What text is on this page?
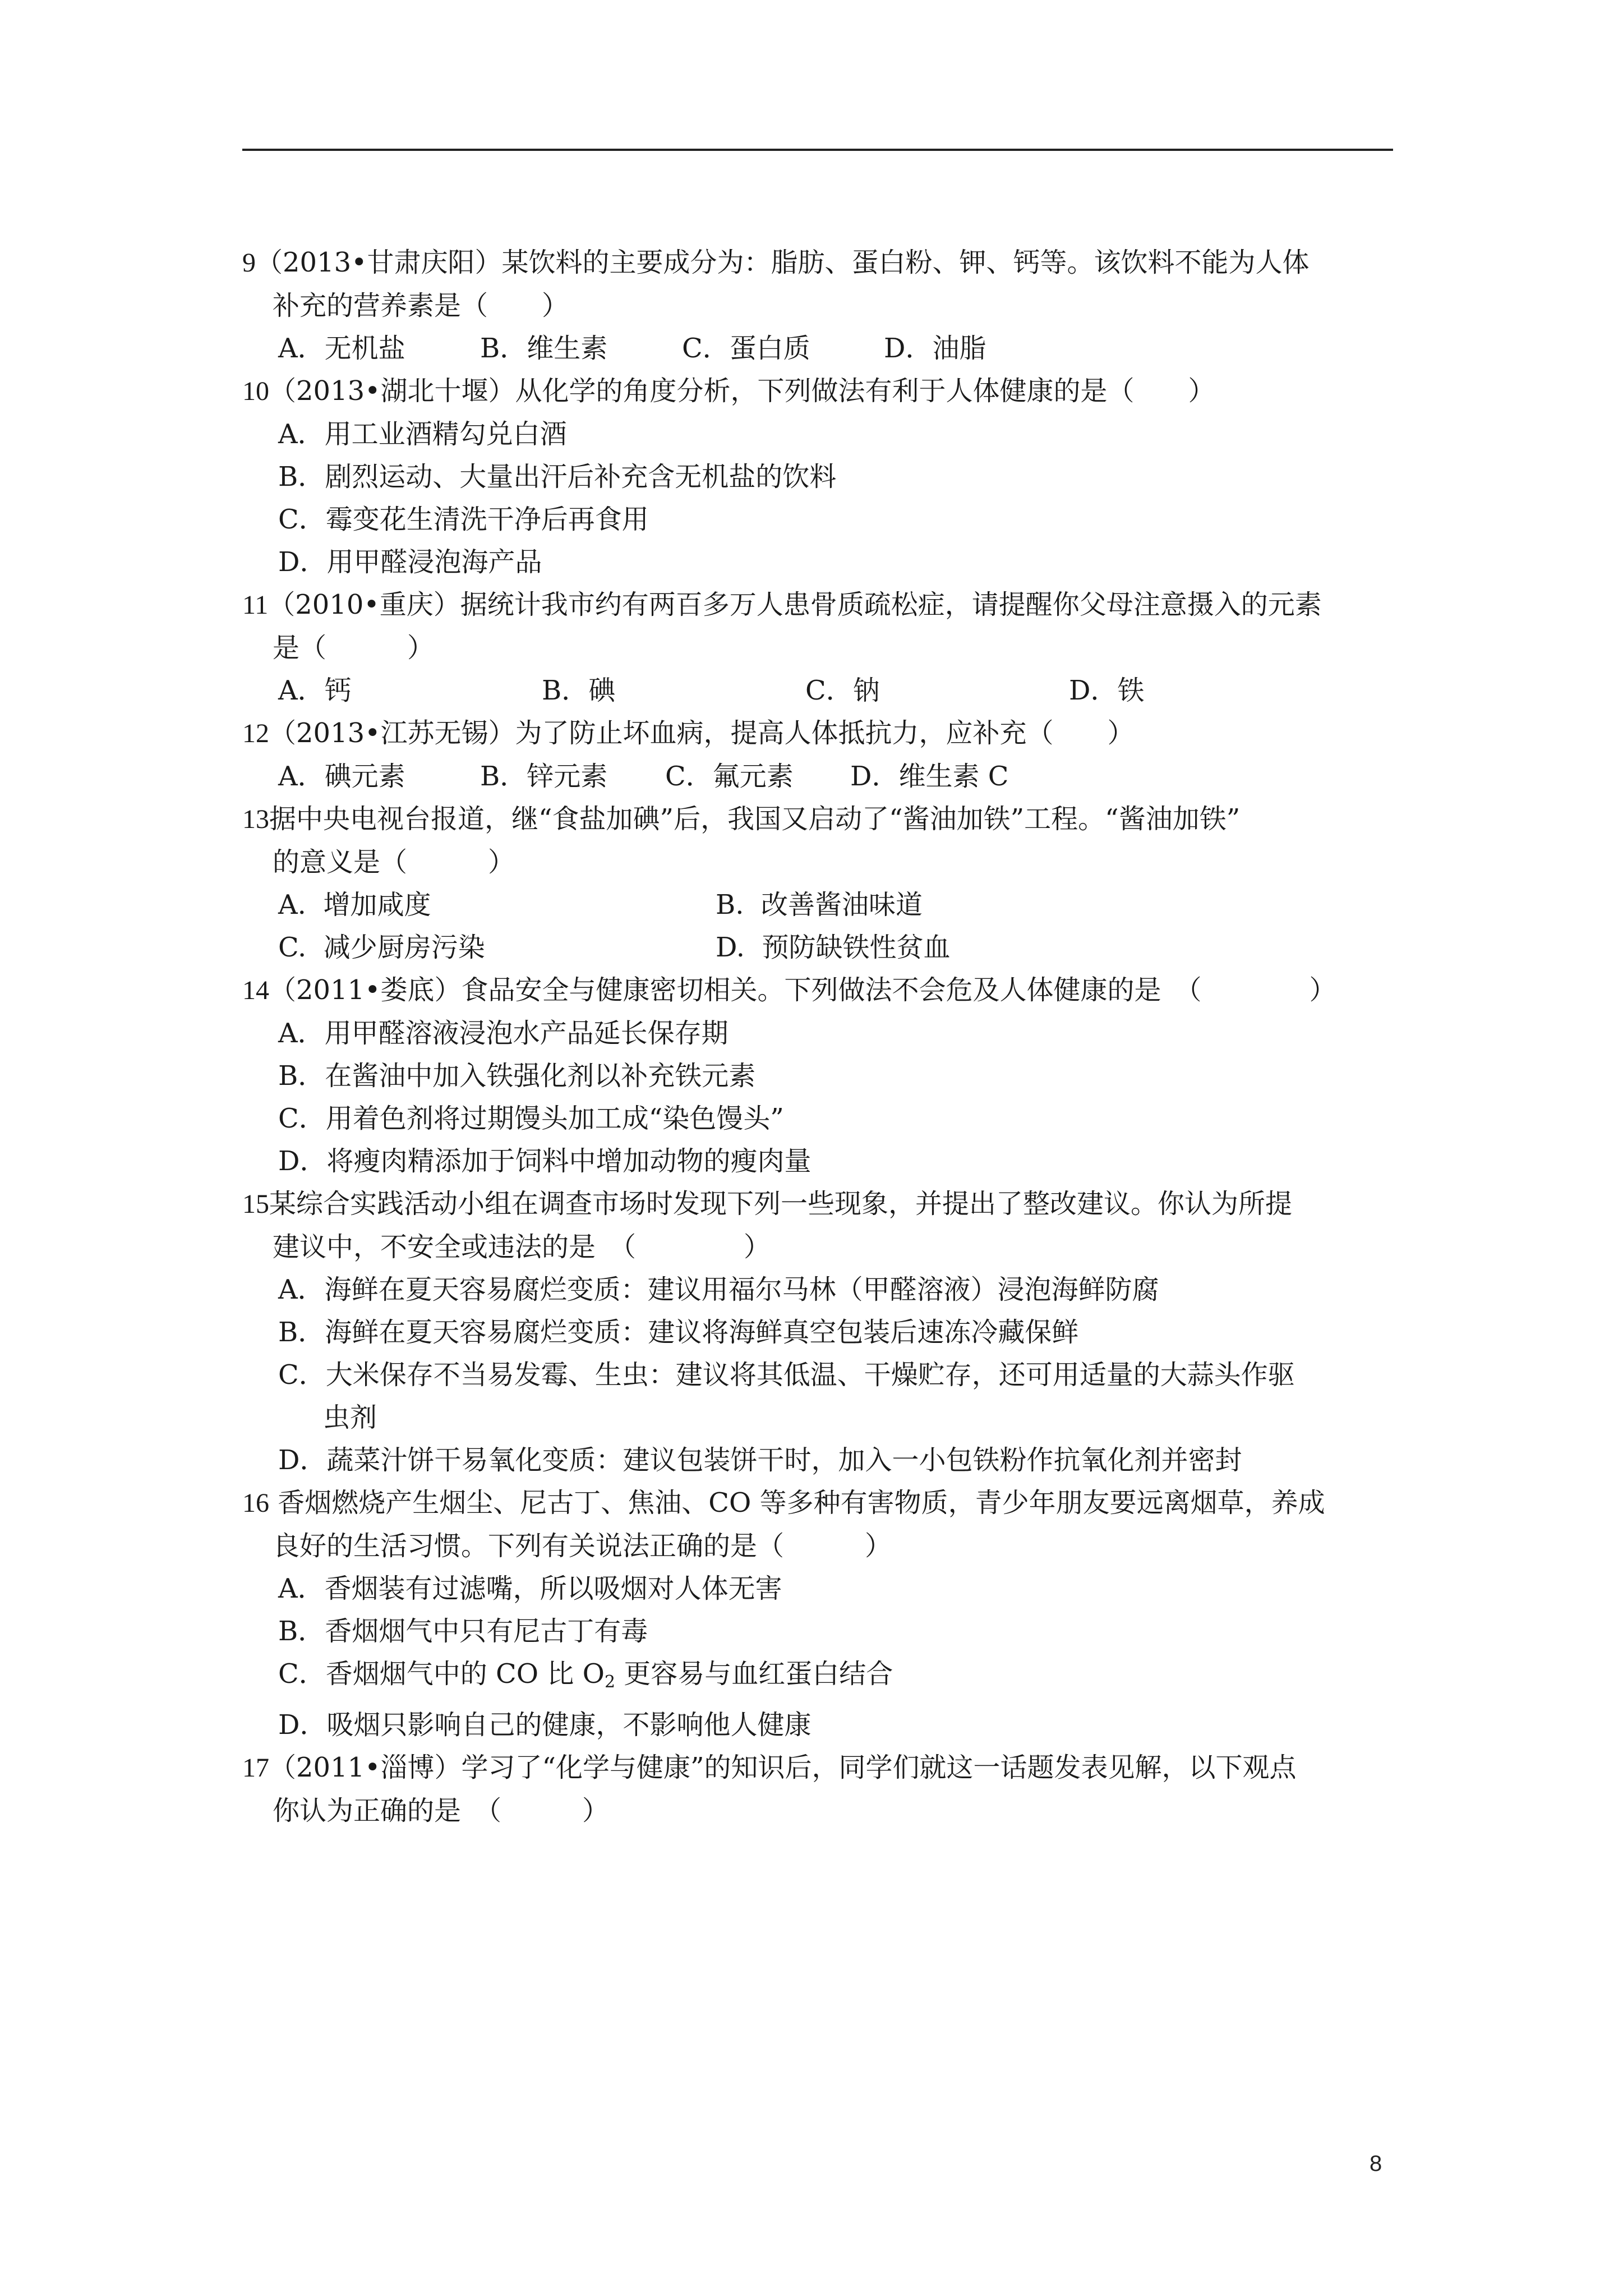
9（2013•甘肃庆阳）某饮料的主要成分为：脂肪、蛋白粉、钾、钙等。该饮料不能为人体
补充的营养素是（　　）
A．无机盐	B．维生素	C．蛋白质	D．油脂
10（2013•湖北十堰）从化学的角度分析，下列做法有利于人体健康的是（　　）
A．用工业酒精勾兑白酒
B．剧烈运动、大量出汗后补充含无机盐的饮料
C．霉变花生清洗干净后再食用
D．用甲醛浸泡海产品
11（2010•重庆）据统计我市约有两百多万人患骨质疏松症，请提醒你父母注意摄入的元素
是（　　　）
A．钙	B．碘	C．钠	D．铁
12（2013•江苏无锡）为了防止坏血病，提高人体抵抗力，应补充（　　）
A．碘元素	B．锌元素	C．氟元素	D．维生素 C
13据中央电视台报道，继“食盐加碘”后，我国又启动了“酱油加铁”工程。“酱油加铁”
的意义是（　　　）
A.  增加咸度	B.  改善酱油味道
C.  减少厨房污染	D.  预防缺铁性贫血
14（2011•娄底）食品安全与健康密切相关。下列做法不会危及人体健康的是　（　　　　）
A．用甲醛溶液浸泡水产品延长保存期
B．在酱油中加入铁强化剂以补充铁元素
C．用着色剂将过期馒头加工成“染色馒头”
D．将瘦肉精添加于饲料中增加动物的瘦肉量
15某综合实践活动小组在调查市场时发现下列一些现象，并提出了整改建议。你认为所提
建议中，不安全或违法的是　（　　　　）
A．海鲜在夏天容易腐烂变质：建议用福尔马林（甲醛溶液）浸泡海鲜防腐
B．海鲜在夏天容易腐烂变质：建议将海鲜真空包装后速冻冷藏保鲜
C．大米保存不当易发霉、生虫：建议将其低温、干燥贮存，还可用适量的大蒜头作驱
虫剂
D．蔬菜汁饼干易氧化变质：建议包装饼干时，加入一小包铁粉作抗氧化剂并密封
16 香烟燃烧产生烟尘、尼古丁、焦油、CO 等多种有害物质，青少年朋友要远离烟草，养成
良好的生活习惯。下列有关说法正确的是（　　　）
A．香烟装有过滤嘴，所以吸烟对人体无害
B．香烟烟气中只有尼古丁有毒
C．香烟烟气中的 CO 比 $O_2$ 更容易与血红蛋白结合
D．吸烟只影响自己的健康，不影响他人健康
17（2011•淄博）学习了“化学与健康”的知识后，同学们就这一话题发表见解，以下观点
你认为正确的是　（　　　）
8
